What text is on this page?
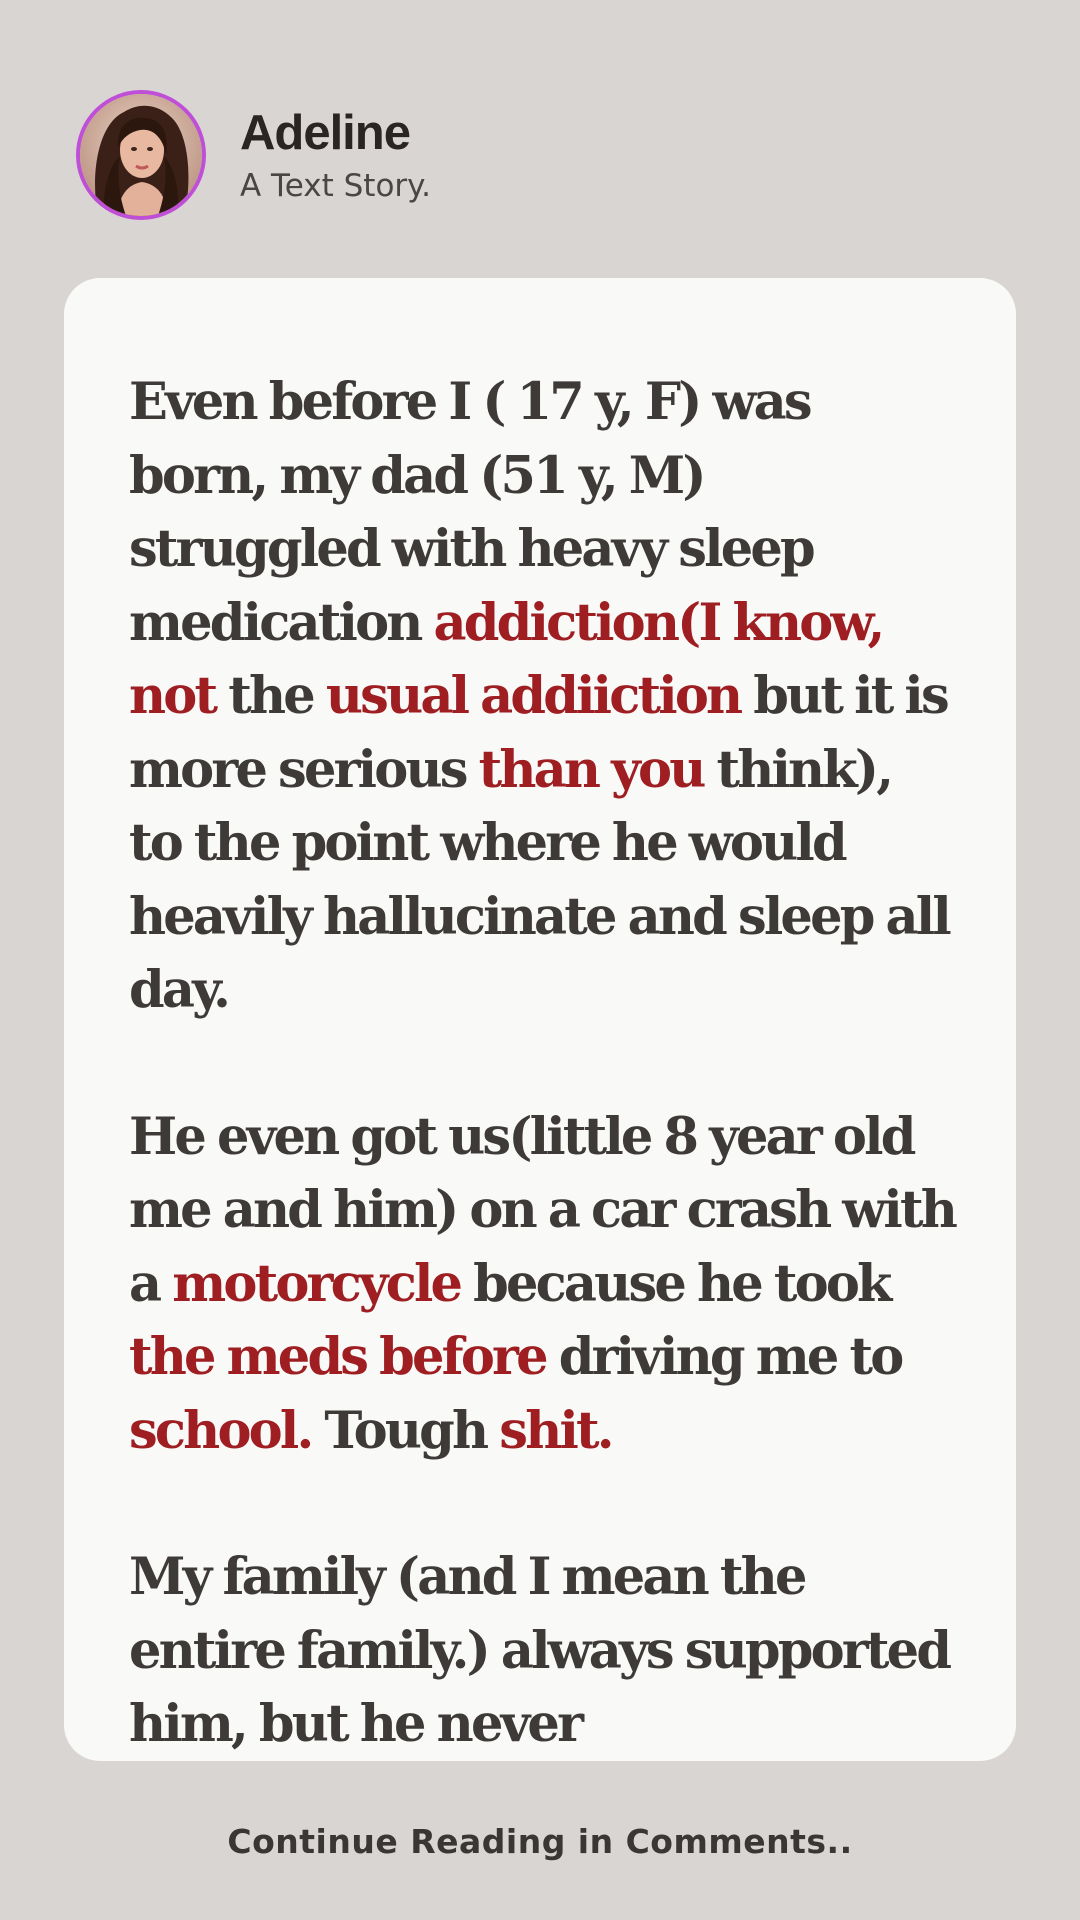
Adeline
A Text Story.

Even before I ( 17 y, F) was born, my dad (51 y, M) struggled with heavy sleep medication addiction(I know, not the usual addiiction but it is more serious than you think), to the point where he would heavily hallucinate and sleep all day.

He even got us(little 8 year old me and him) on a car crash with a motorcycle because he took the meds before driving me to school. Tough shit.

My family (and I mean the entire family.) always supported him, but he never

Continue Reading in Comments..
